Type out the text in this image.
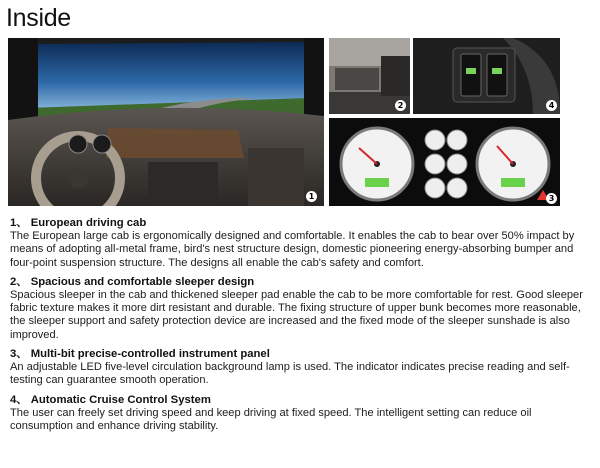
Inside
1
2	4
3
1、 European driving cab

The European large cab is ergonomically designed and comfortable. It enables the cab to bear over 50% impact by means of adopting all-metal frame, bird's nest structure design, domestic pioneering energy-absorbing bumper and four-point suspension structure. The designs all enable the cab's safety and comfort.

2、 Spacious and comfortable sleeper design

Spacious sleeper in the cab and thickened sleeper pad enable the cab to be more comfortable for rest. Good sleeper fabric texture makes it more dirt resistant and durable. The fixing structure of upper bunk becomes more reasonable, the sleeper support and safety protection device are increased and the fixed mode of the sleeper sunshade is also improved.

3、 Multi-bit precise-controlled instrument panel

An adjustable LED five-level circulation background lamp is used. The indicator indicates precise reading and self-testing can guarantee smooth operation.

4、 Automatic Cruise Control System

The user can freely set driving speed and keep driving at fixed speed. The intelligent setting can reduce oil consumption and enhance driving stability.
